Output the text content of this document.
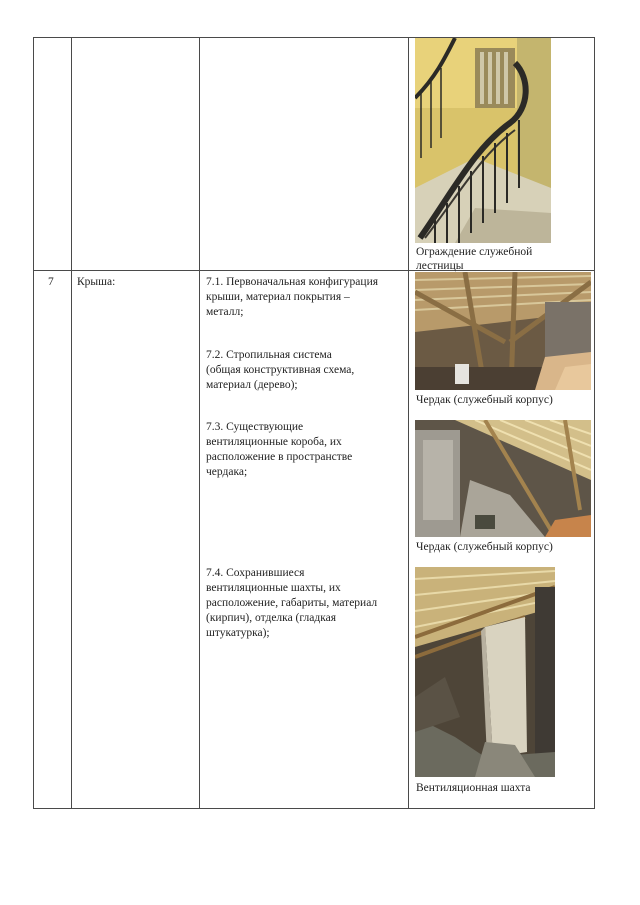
Ограждение служебной
лестницы
7 Крыша:	7.1. Первоначальная конфигурация
крыши, материал покрытия –
металл;
7.2. Стропильная система
(общая конструктивная схема,
материал (дерево);
7.3. Существующие
вентиляционные короба, их
расположение в пространстве
чердака;
7.4. Сохранившиеся
вентиляционные шахты, их
расположение, габариты, материал
(кирпич), отделка (гладкая
штукатурка);
Чердак (служебный корпус)
Чердак (служебный корпус)
Вентиляционная шахта
